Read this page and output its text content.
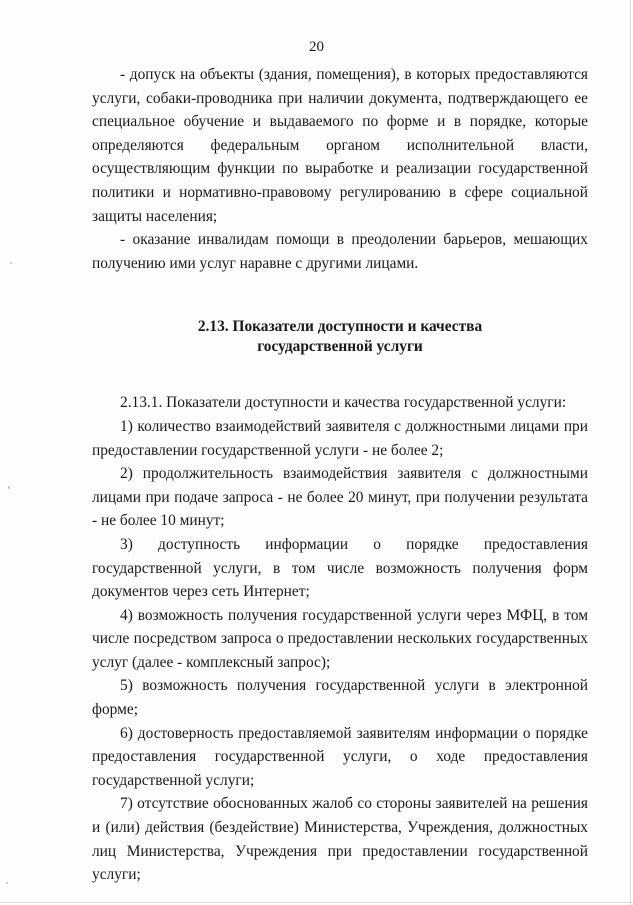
20

- допуск на объекты (здания, помещения), в которых предоставляются услуги, собаки-проводника при наличии документа, подтверждающего ее специальное обучение и выдаваемого по форме и в порядке, которые определяются федеральным органом исполнительной власти, осуществляющим функции по выработке и реализации государственной политики и нормативно-правовому регулированию в сфере социальной защиты населения;

- оказание инвалидам помощи в преодолении барьеров, мешающих получению ими услуг наравне с другими лицами.

2.13. Показатели доступности и качества
государственной услуги

2.13.1. Показатели доступности и качества государственной услуги:

1) количество взаимодействий заявителя с должностными лицами при предоставлении государственной услуги - не более 2;

2) продолжительность взаимодействия заявителя с должностными лицами при подаче запроса - не более 20 минут, при получении результата - не более 10 минут;

3) доступность информации о порядке предоставления государственной услуги, в том числе возможность получения форм документов через сеть Интернет;

4) возможность получения государственной услуги через МФЦ, в том числе посредством запроса о предоставлении нескольких государственных услуг (далее - комплексный запрос);

5) возможность получения государственной услуги в электронной форме;

6) достоверность предоставляемой заявителям информации о порядке предоставления государственной услуги, о ходе предоставления государственной услуги;

7) отсутствие обоснованных жалоб со стороны заявителей на решения и (или) действия (бездействие) Министерства, Учреждения, должностных лиц Министерства, Учреждения при предоставлении государственной услуги;
